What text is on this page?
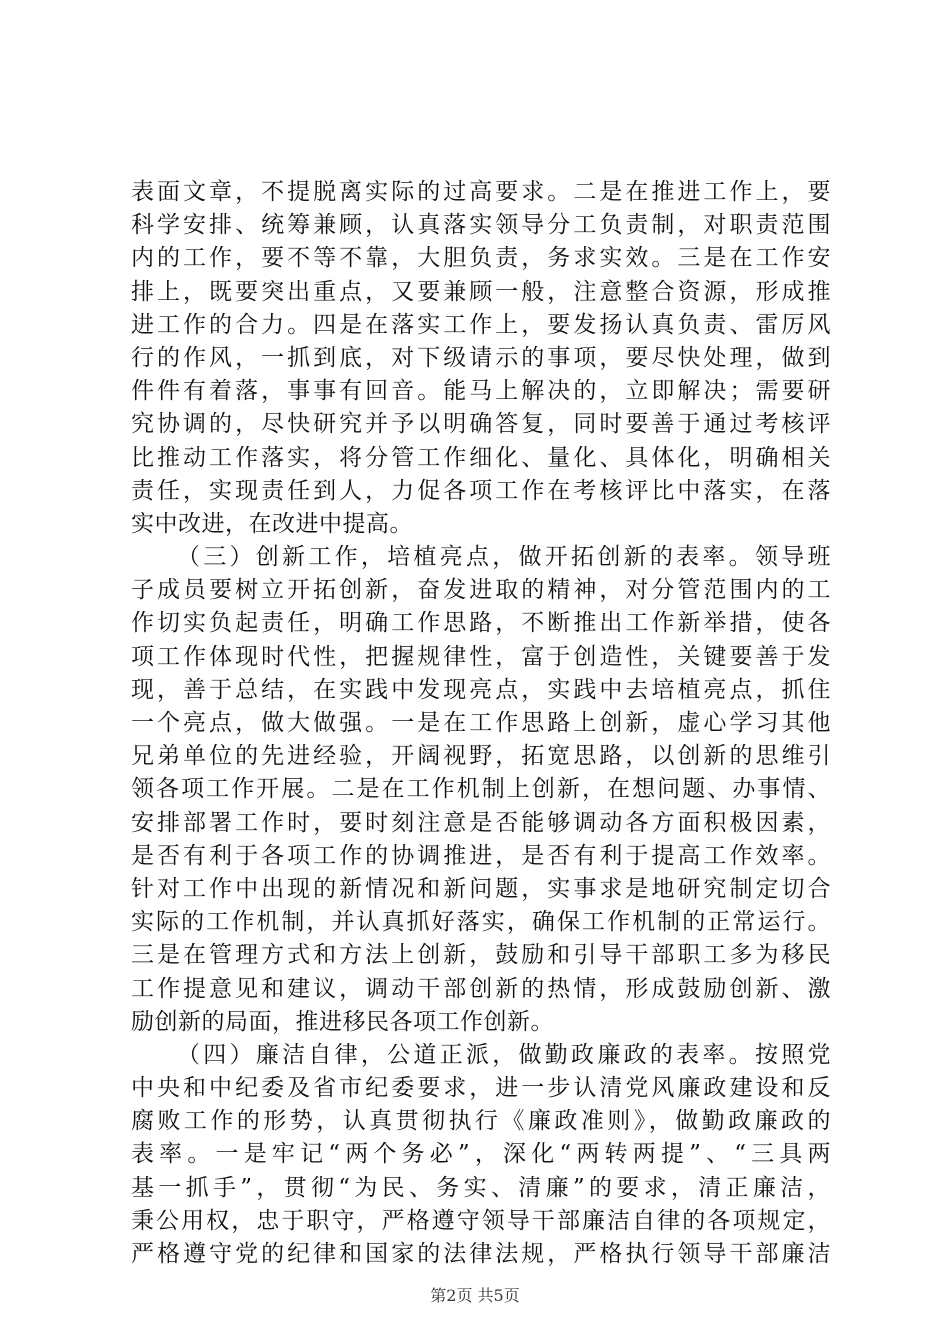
表面文章，不提脱离实际的过高要求。二是在推进工作上，要
科学安排、统筹兼顾，认真落实领导分工负责制，对职责范围
内的工作，要不等不靠，大胆负责，务求实效。三是在工作安
排上，既要突出重点，又要兼顾一般，注意整合资源，形成推
进工作的合力。四是在落实工作上，要发扬认真负责、雷厉风
行的作风，一抓到底，对下级请示的事项，要尽快处理，做到
件件有着落，事事有回音。能马上解决的，立即解决；需要研
究协调的，尽快研究并予以明确答复，同时要善于通过考核评
比推动工作落实，将分管工作细化、量化、具体化，明确相关
责任，实现责任到人，力促各项工作在考核评比中落实，在落
实中改进，在改进中提高。
（三）创新工作，培植亮点，做开拓创新的表率。领导班
子成员要树立开拓创新，奋发进取的精神，对分管范围内的工
作切实负起责任，明确工作思路，不断推出工作新举措，使各
项工作体现时代性，把握规律性，富于创造性，关键要善于发
现，善于总结，在实践中发现亮点，实践中去培植亮点，抓住
一个亮点，做大做强。一是在工作思路上创新，虚心学习其他
兄弟单位的先进经验，开阔视野，拓宽思路，以创新的思维引
领各项工作开展。二是在工作机制上创新，在想问题、办事情、
安排部署工作时，要时刻注意是否能够调动各方面积极因素，
是否有利于各项工作的协调推进，是否有利于提高工作效率。
针对工作中出现的新情况和新问题，实事求是地研究制定切合
实际的工作机制，并认真抓好落实，确保工作机制的正常运行。
三是在管理方式和方法上创新，鼓励和引导干部职工多为移民
工作提意见和建议，调动干部创新的热情，形成鼓励创新、激
励创新的局面，推进移民各项工作创新。
（四）廉洁自律，公道正派，做勤政廉政的表率。按照党
中央和中纪委及省市纪委要求，进一步认清党风廉政建设和反
腐败工作的形势，认真贯彻执行《廉政准则》，做勤政廉政的
表率。一是牢记“两个务必”，深化“两转两提”、“三具两
基一抓手”，贯彻“为民、务实、清廉”的要求，清正廉洁，
秉公用权，忠于职守，严格遵守领导干部廉洁自律的各项规定，
严格遵守党的纪律和国家的法律法规，严格执行领导干部廉洁
第2页 共5页
